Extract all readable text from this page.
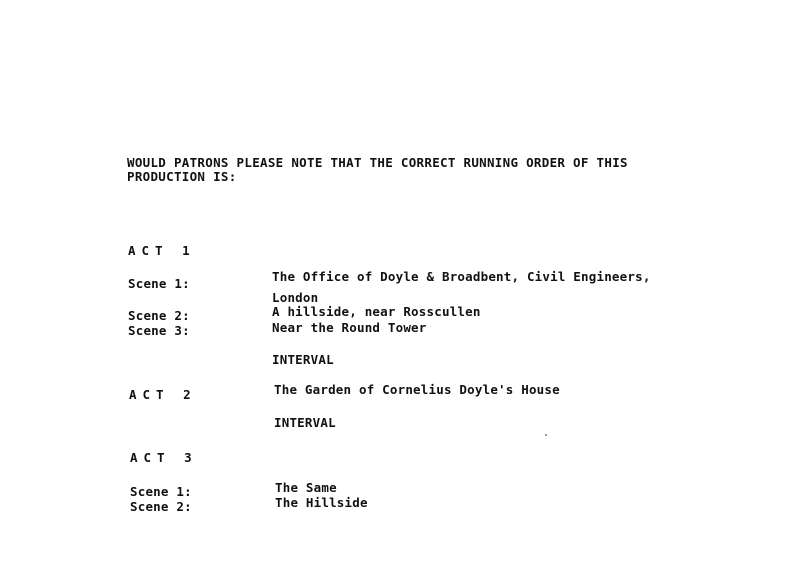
WOULD PATRONS PLEASE NOTE THAT THE CORRECT RUNNING ORDER OF THIS
PRODUCTION IS:
ACT 1
Scene 1:	The Office of Doyle & Broadbent, Civil Engineers,
London
Scene 2:	A hillside, near Rosscullen
Scene 3:	Near the Round Tower
INTERVAL
ACT 2	The Garden of Cornelius Doyle's House
INTERVAL
ACT 3
Scene 1:	The Same
Scene 2:	The Hillside
